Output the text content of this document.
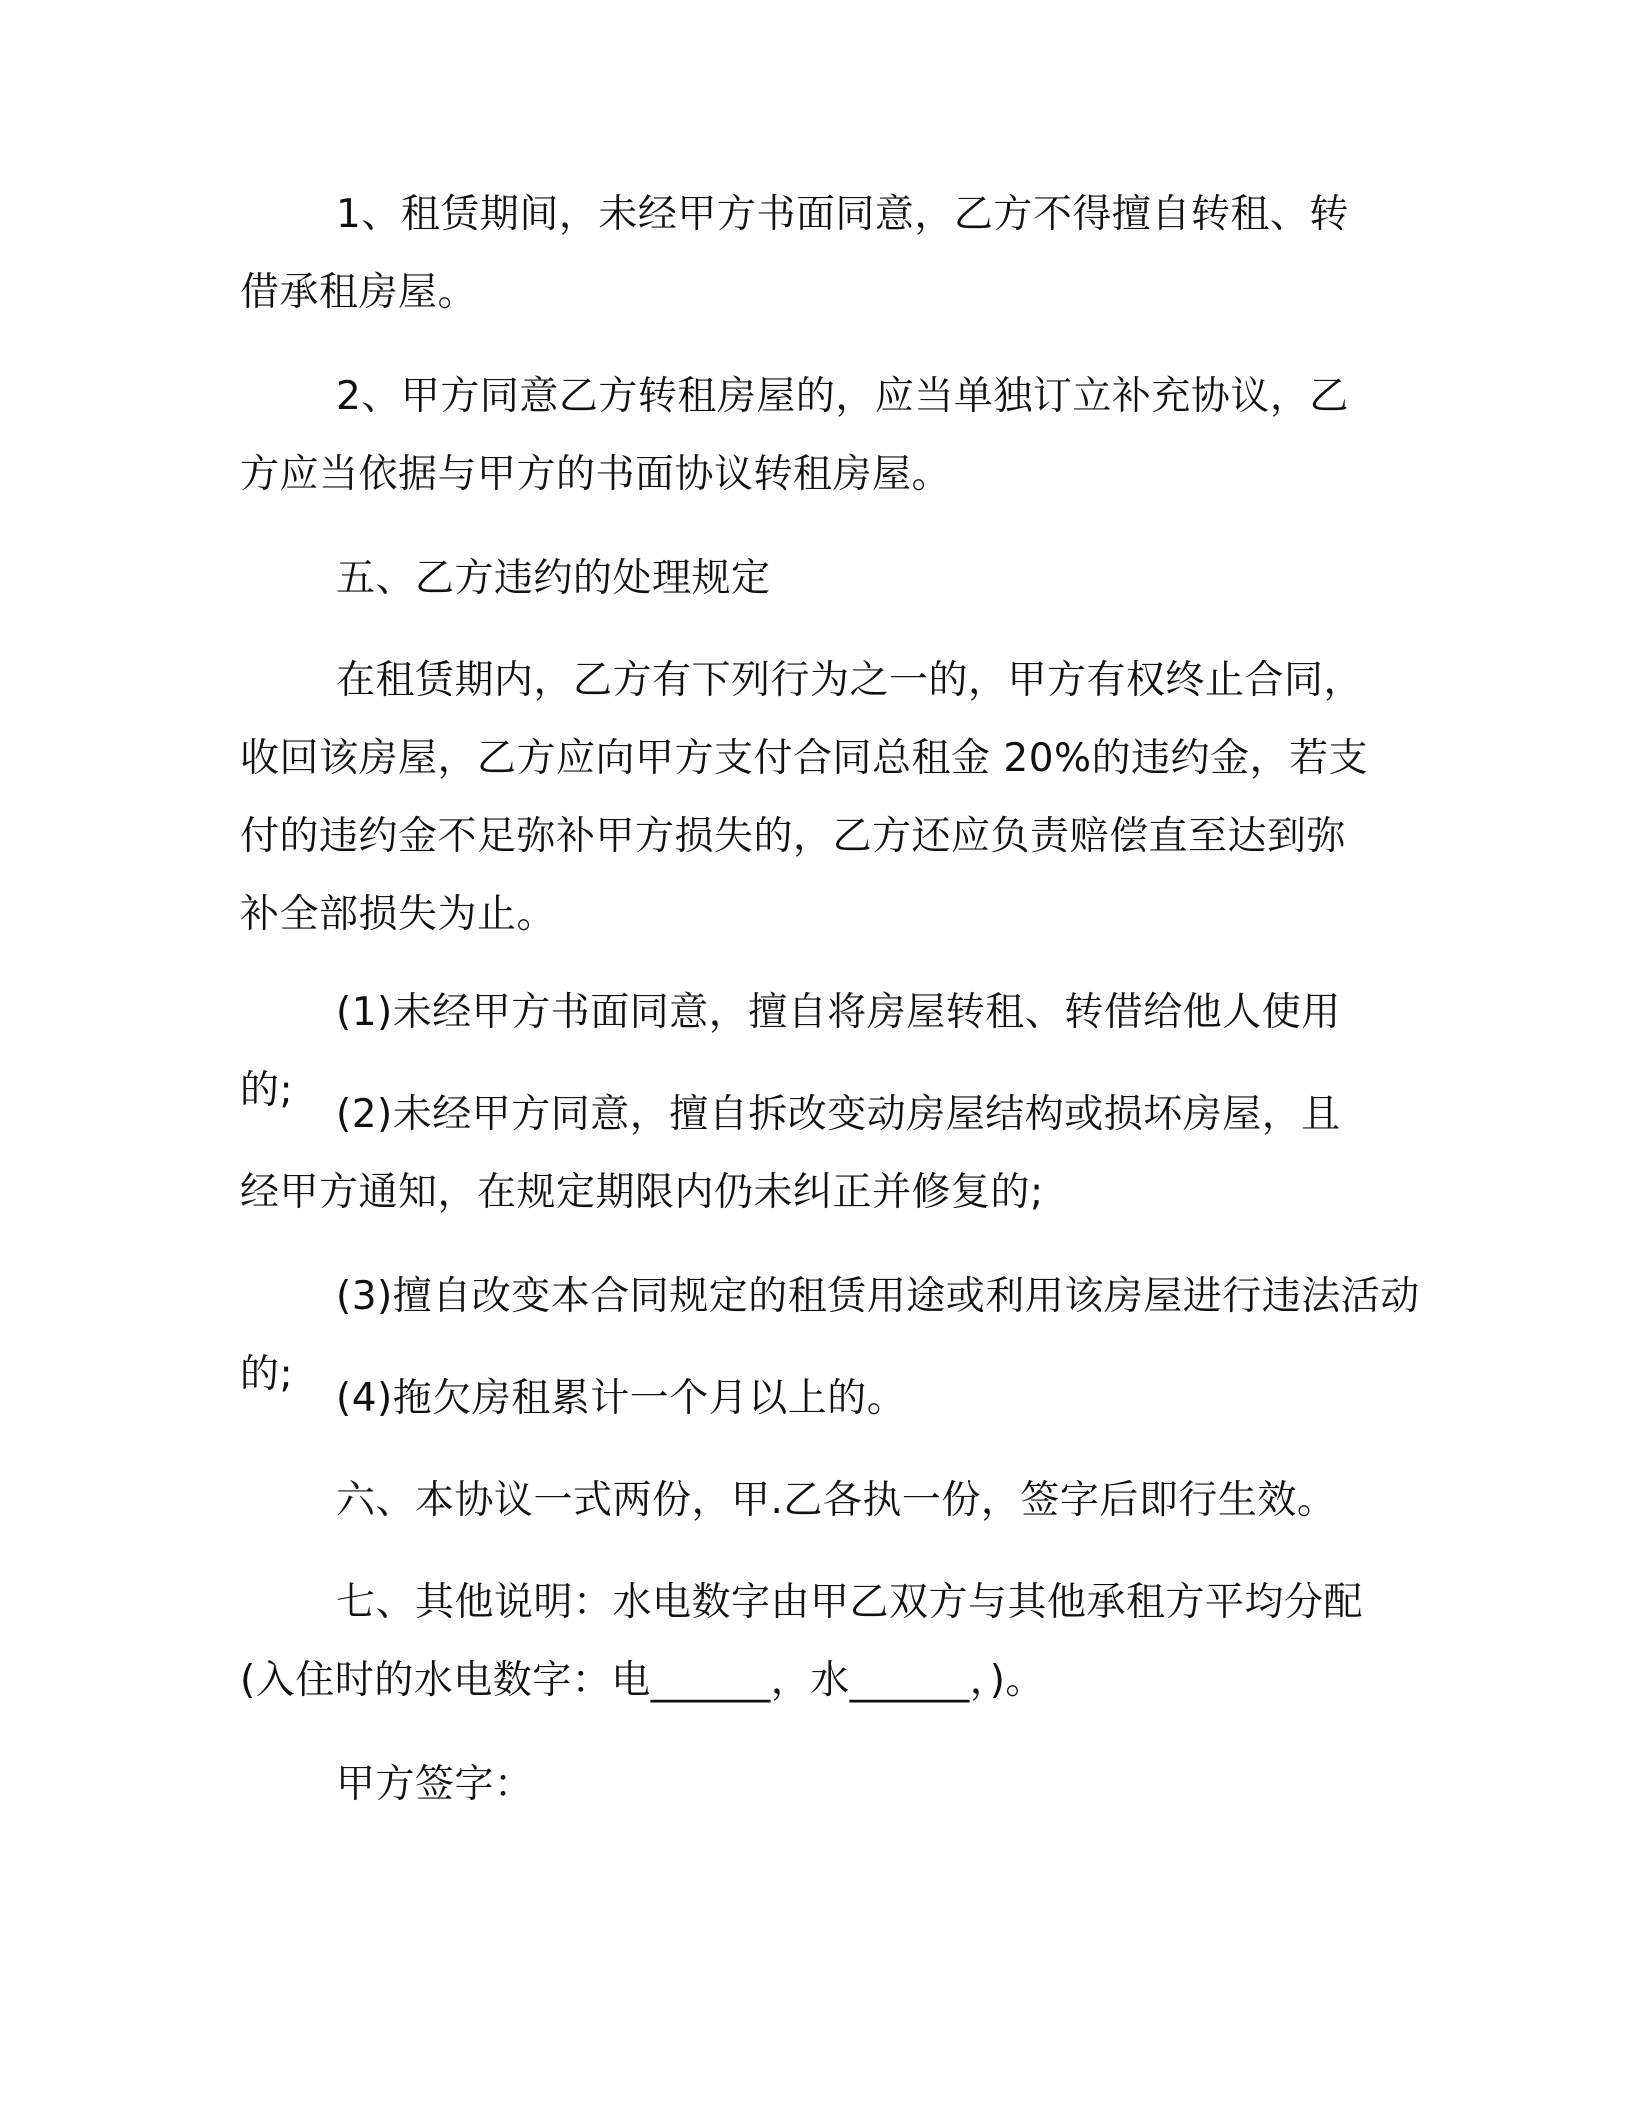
1、租赁期间，未经甲方书面同意，乙方不得擅自转租、转借承租房屋。

2、甲方同意乙方转租房屋的，应当单独订立补充协议，乙方应当依据与甲方的书面协议转租房屋。

五、乙方违约的处理规定

在租赁期内，乙方有下列行为之一的，甲方有权终止合同，收回该房屋，乙方应向甲方支付合同总租金 20%的违约金，若支付的违约金不足弥补甲方损失的，乙方还应负责赔偿直至达到弥补全部损失为止。

(1)未经甲方书面同意，擅自将房屋转租、转借给他人使用的;

(2)未经甲方同意，擅自拆改变动房屋结构或损坏房屋，且经甲方通知，在规定期限内仍未纠正并修复的;

(3)擅自改变本合同规定的租赁用途或利用该房屋进行违法活动的;

(4)拖欠房租累计一个月以上的。

六、本协议一式两份，甲.乙各执一份，签字后即行生效。

七、其他说明：水电数字由甲乙双方与其他承租方平均分配(入住时的水电数字：电______，水______，)。

甲方签字：
